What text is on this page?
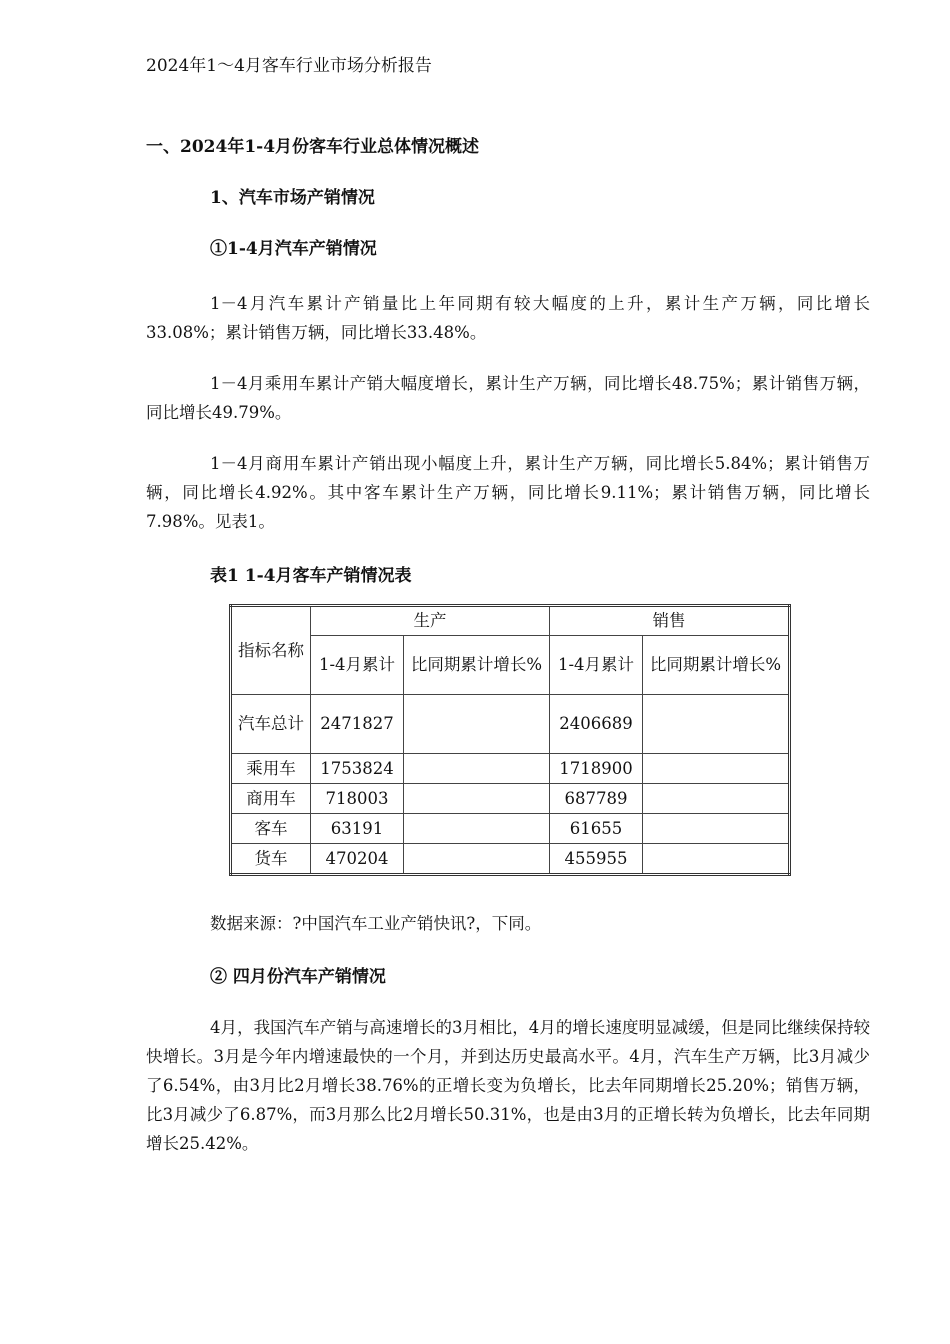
2024年1～4月客车行业市场分析报告
一、2024年1-4月份客车行业总体情况概述
1、汽车市场产销情况
①1-4月汽车产销情况
1－4月汽车累计产销量比上年同期有较大幅度的上升，累计生产万辆，同比增长33.08%；累计销售万辆，同比增长33.48%。
1－4月乘用车累计产销大幅度增长，累计生产万辆，同比增长48.75%；累计销售万辆，同比增长49.79%。
1－4月商用车累计产销出现小幅度上升，累计生产万辆，同比增长5.84%；累计销售万辆，同比增长4.92%。其中客车累计生产万辆，同比增长9.11%；累计销售万辆，同比增长7.98%。见表1。
表1 1-4月客车产销情况表
指标名称	生产		销售	
	1-4月累计	比同期累计增长%	1-4月累计	比同期累计增长%
汽车总计	2471827		2406689	
乘用车	1753824		1718900	
商用车	718003		687789	
客车	63191		61655	
货车	470204		455955	
数据来源：?中国汽车工业产销快讯?，下同。
② 四月份汽车产销情况
4月，我国汽车产销与高速增长的3月相比，4月的增长速度明显减缓，但是同比继续保持较快增长。3月是今年内增速最快的一个月，并到达历史最高水平。4月，汽车生产万辆，比3月减少了6.54%，由3月比2月增长38.76%的正增长变为负增长，比去年同期增长25.20%；销售万辆，比3月减少了6.87%，而3月那么比2月增长50.31%，也是由3月的正增长转为负增长，比去年同期增长25.42%。
